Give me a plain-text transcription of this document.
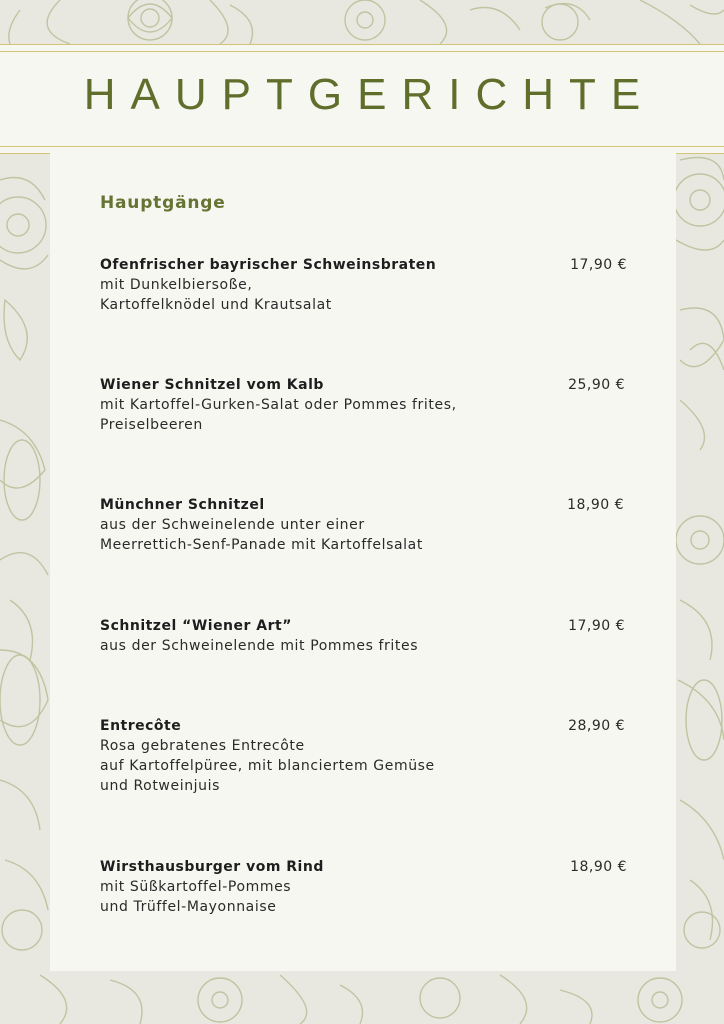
HAUPTGERICHTE
Hauptgänge
Ofenfrischer bayrischer Schweinsbraten	17,90 €
mit Dunkelbiersoße,
Kartoffelknödel und Krautsalat
Wiener Schnitzel vom Kalb	25,90 €
mit Kartoffel-Gurken-Salat oder Pommes frites,
Preiselbeeren
Münchner Schnitzel	18,90 €
aus der Schweinelende unter einer
Meerrettich-Senf-Panade mit Kartoffelsalat
Schnitzel “Wiener Art”	17,90 €
aus der Schweinelende mit Pommes frites
Entrecôte	28,90 €
Rosa gebratenes Entrecôte
auf Kartoffelpüree, mit blanciertem Gemüse
und Rotweinjuis
Wirsthausburger vom Rind	18,90 €
mit Süßkartoffel-Pommes
und Trüffel-Mayonnaise
